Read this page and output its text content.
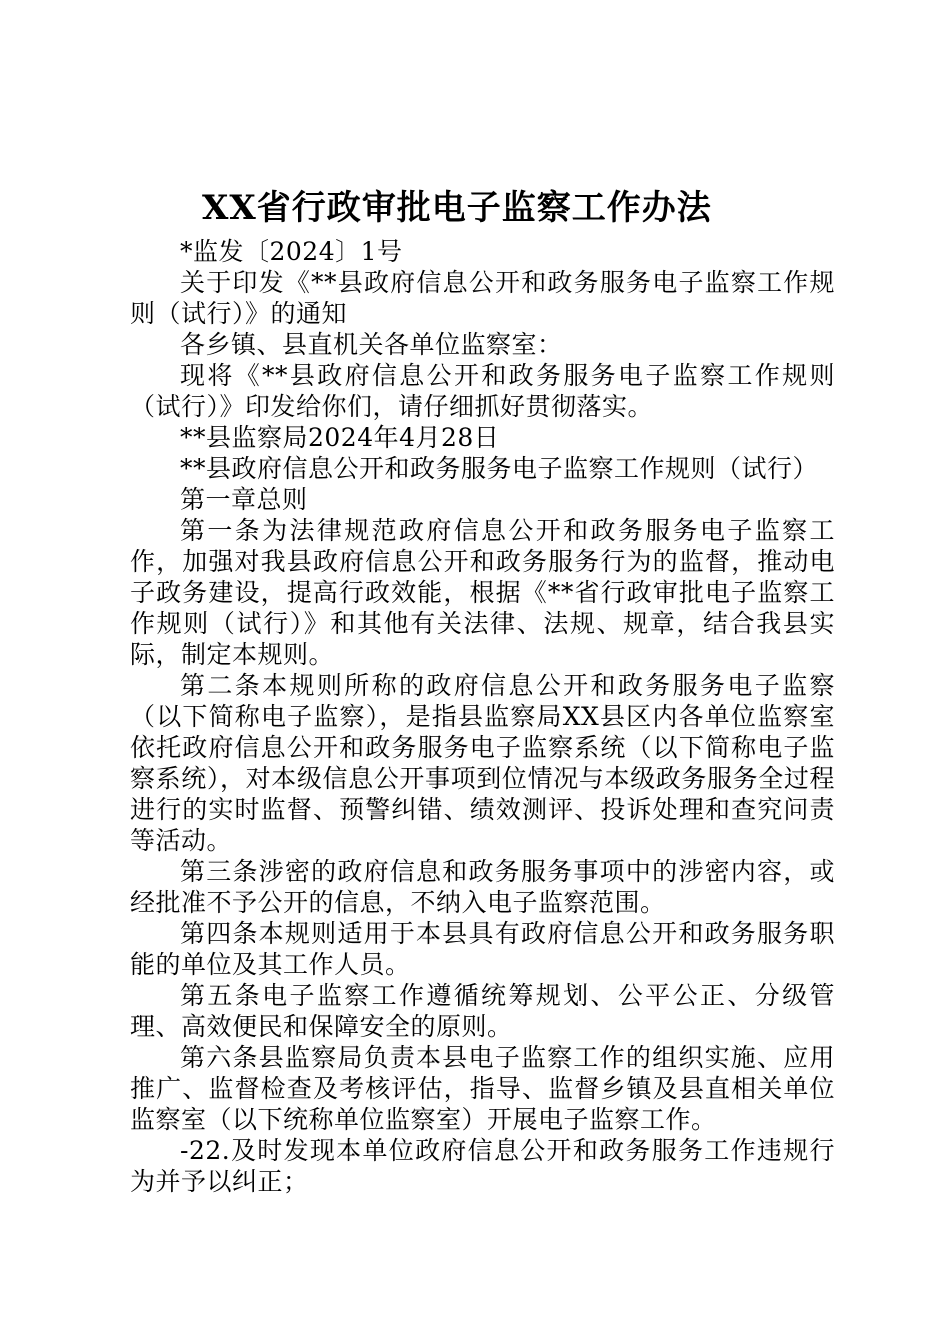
XX省行政审批电子监察工作办法

*监发〔2024〕1号

关于印发《**县政府信息公开和政务服务电子监察工作规则（试行）》的通知

各乡镇、县直机关各单位监察室：

现将《**县政府信息公开和政务服务电子监察工作规则（试行）》印发给你们，请仔细抓好贯彻落实。

**县监察局2024年4月28日

**县政府信息公开和政务服务电子监察工作规则（试行）

第一章总则

第一条为法律规范政府信息公开和政务服务电子监察工作，加强对我县政府信息公开和政务服务行为的监督，推动电子政务建设，提高行政效能，根据《**省行政审批电子监察工作规则（试行）》和其他有关法律、法规、规章，结合我县实际，制定本规则。

第二条本规则所称的政府信息公开和政务服务电子监察（以下简称电子监察），是指县监察局XX县区内各单位监察室依托政府信息公开和政务服务电子监察系统（以下简称电子监察系统），对本级信息公开事项到位情况与本级政务服务全过程进行的实时监督、预警纠错、绩效测评、投诉处理和查究问责等活动。

第三条涉密的政府信息和政务服务事项中的涉密内容，或经批准不予公开的信息，不纳入电子监察范围。

第四条本规则适用于本县具有政府信息公开和政务服务职能的单位及其工作人员。

第五条电子监察工作遵循统筹规划、公平公正、分级管理、高效便民和保障安全的原则。

第六条县监察局负责本县电子监察工作的组织实施、应用推广、监督检查及考核评估，指导、监督乡镇及县直相关单位监察室（以下统称单位监察室）开展电子监察工作。

-22.及时发现本单位政府信息公开和政务服务工作违规行为并予以纠正；
